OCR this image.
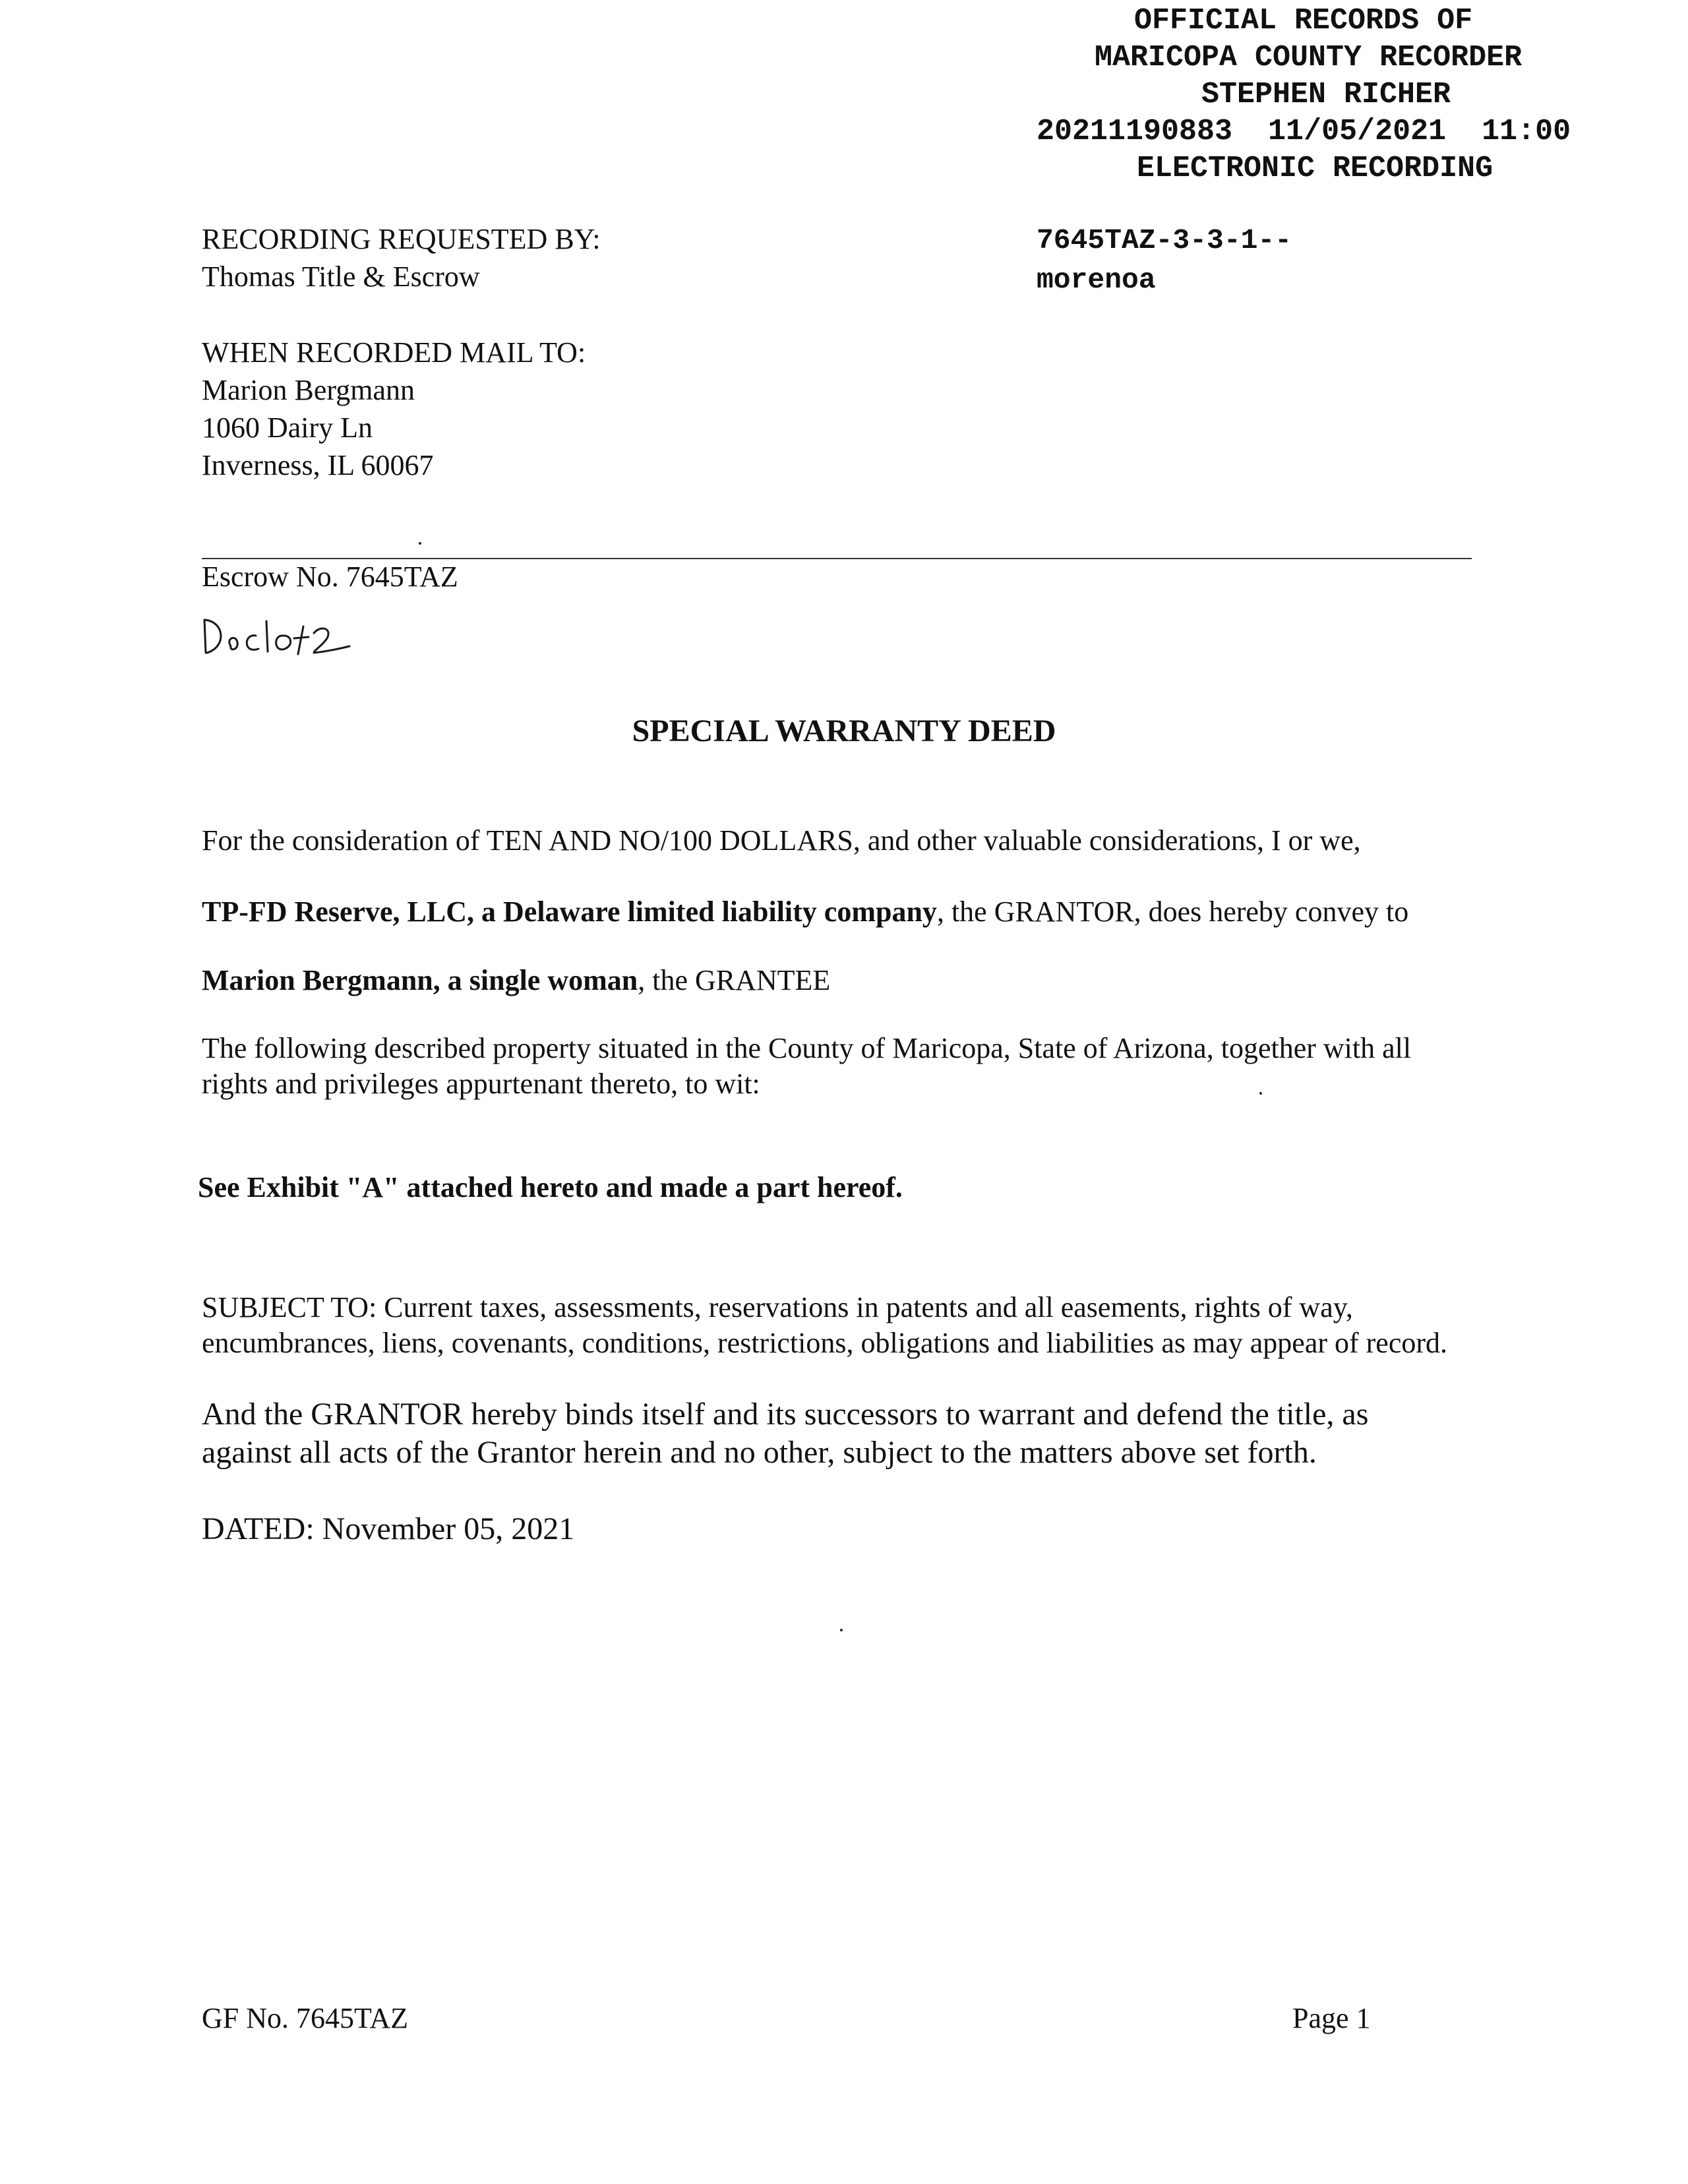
OFFICIAL RECORDS OF
MARICOPA COUNTY RECORDER
STEPHEN RICHER
20211190883  11/05/2021  11:00
ELECTRONIC RECORDING
RECORDING REQUESTED BY:
Thomas Title & Escrow
7645TAZ-3-3-1--
morenoa
WHEN RECORDED MAIL TO:
Marion Bergmann
1060 Dairy Ln
Inverness, IL 60067
Escrow No. 7645TAZ
SPECIAL WARRANTY DEED
For the consideration of TEN AND NO/100 DOLLARS, and other valuable considerations, I or we,
TP-FD Reserve, LLC, a Delaware limited liability company, the GRANTOR, does hereby convey to
Marion Bergmann, a single woman, the GRANTEE
The following described property situated in the County of Maricopa, State of Arizona, together with all
rights and privileges appurtenant thereto, to wit:
See Exhibit "A" attached hereto and made a part hereof.
SUBJECT TO: Current taxes, assessments, reservations in patents and all easements, rights of way,
encumbrances, liens, covenants, conditions, restrictions, obligations and liabilities as may appear of record.
And the GRANTOR hereby binds itself and its successors to warrant and defend the title, as
against all acts of the Grantor herein and no other, subject to the matters above set forth.
DATED: November 05, 2021
GF No. 7645TAZ	Page 1
